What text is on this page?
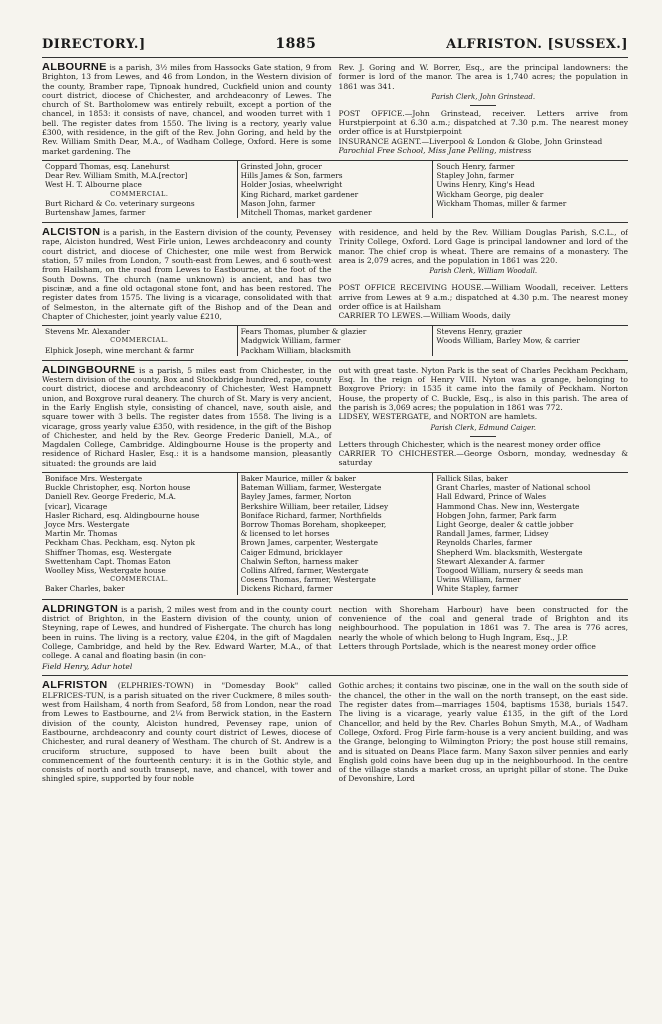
DIRECTORY.]	1885	ALFRISTON. [SUSSEX.]
ALBOURNE is a parish, 3½ miles from Hassocks Gate station, 9 from Brighton, 13 from Lewes, and 46 from London, in the Western division of the county, Bramber rape, Tipnoak hundred, Cuckfield union and county court district, diocese of Chichester, and archdeaconry of Lewes. The church of St. Bartholomew was entirely rebuilt, except a portion of the chancel, in 1853: it consists of nave, chancel, and wooden turret with 1 bell. The register dates from 1550. The living is a rectory, yearly value £300, with residence, in the gift of the Rev. John Goring, and held by the Rev. William Smith Dear, M.A., of Wadham College, Oxford. Here is some market gardening. The
Rev. J. Goring and W. Borrer, Esq., are the principal landowners: the former is lord of the manor. The area is 1,740 acres; the population in 1861 was 341.
Parish Clerk, John Grinstead.
POST OFFICE.—John Grinstead, receiver. Letters arrive from Hurstpierpoint at 6.30 a.m.; dispatched at 7.30 p.m. The nearest money order office is at Hurstpierpoint
INSURANCE AGENT.—Liverpool & London & Globe, John Grinstead
Parochial Free School, Miss Jane Pelling, mistress
Coppard Thomas, esq. Lanehurst
Dear Rev. William Smith, M.A.[rector]
West H. T. Albourne place
COMMERCIAL.
Burt Richard & Co. veterinary surgeons
Burtenshaw James, farmer
Grinsted John, grocer
Hills James & Son, farmers
Holder Josias, wheelwright
King Richard, market gardener
Mason John, farmer
Mitchell Thomas, market gardener
Souch Henry, farmer
Stapley John, farmer
Uwins Henry, King's Head
Wickham George, pig dealer
Wickham Thomas, miller & farmer
ALCISTON is a parish, in the Eastern division of the county, Pevensey rape, Alciston hundred, West Firle union, Lewes archdeaconry and county court district, and diocese of Chichester, one mile west from Berwick station, 57 miles from London, 7 south-east from Lewes, and 6 south-west from Hailsham, on the road from Lewes to Eastbourne, at the foot of the South Downs. The church (name unknown) is ancient, and has two piscinæ, and a fine old octagonal stone font, and has been restored. The register dates from 1575. The living is a vicarage, consolidated with that of Selmeston, in the alternate gift of the Bishop and of the Dean and Chapter of Chichester, joint yearly value £210,
with residence, and held by the Rev. William Douglas Parish, S.C.L., of Trinity College, Oxford. Lord Gage is principal landowner and lord of the manor. The chief crop is wheat. There are remains of a monastery. The area is 2,079 acres, and the population in 1861 was 220.
Parish Clerk, William Woodall.
POST OFFICE RECEIVING HOUSE.—William Woodall, receiver. Letters arrive from Lewes at 9 a.m.; dispatched at 4.30 p.m. The nearest money order office is at Hailsham
CARRIER TO LEWES.—William Woods, daily
Stevens Mr. Alexander
COMMERCIAL.
Elphick Joseph, wine merchant & farmr
Fears Thomas, plumber & glazier
Madgwick William, farmer
Packham William, blacksmith
Stevens Henry, grazier
Woods William, Barley Mow, & carrier
ALDINGBOURNE is a parish, 5 miles east from Chichester, in the Western division of the county, Box and Stockbridge hundred, rape, county court district, diocese and archdeaconry of Chichester, West Hampnett union, and Boxgrove rural deanery. The church of St. Mary is very ancient, in the Early English style, consisting of chancel, nave, south aisle, and square tower with 3 bells. The register dates from 1558. The living is a vicarage, gross yearly value £350, with residence, in the gift of the Bishop of Chichester, and held by the Rev. George Frederic Daniell, M.A., of Magdalen College, Cambridge. Aldingbourne House is the property and residence of Richard Hasler, Esq.: it is a handsome mansion, pleasantly situated: the grounds are laid
out with great taste. Nyton Park is the seat of Charles Peckham Peckham, Esq. In the reign of Henry VIII. Nyton was a grange, belonging to Boxgrove Priory: in 1535 it came into the family of Peckham. Norton House, the property of C. Buckle, Esq., is also in this parish. The area of the parish is 3,069 acres; the population in 1861 was 772.
LIDSEY, WESTERGATE, and NORTON are hamlets.
Parish Clerk, Edmund Caiger.
Letters through Chichester, which is the nearest money order office
CARRIER TO CHICHESTER.—George Osborn, monday, wednesday & saturday
Boniface Mrs. Westergate
Buckle Christopher, esq. Norton house
Daniell Rev. George Frederic, M.A.
[vicar], Vicarage
Hasler Richard, esq. Aldingbourne house
Joyce Mrs. Westergate
Martin Mr. Thomas
Peckham Chas. Peckham, esq. Nyton pk
Shiffner Thomas, esq. Westergate
Swettenham Capt. Thomas Eaton
Woolley Miss, Westergate house
COMMERCIAL.
Baker Charles, baker
Baker Maurice, miller & baker
Bateman William, farmer, Westergate
Bayley James, farmer, Norton
Berkshire William, beer retailer, Lidsey
Boniface Richard, farmer, Northfields
Borrow Thomas Boreham, shopkeeper,
& licensed to let horses
Brown James, carpenter, Westergate
Caiger Edmund, bricklayer
Chalwin Sefton, harness maker
Collins Alfred, farmer, Westergate
Cosens Thomas, farmer, Westergate
Dickens Richard, farmer
Fallick Silas, baker
Grant Charles, master of National school
Hall Edward, Prince of Wales
Hammond Chas. New inn, Westergate
Hobgen John, farmer, Park farm
Light George, dealer & cattle jobber
Randall James, farmer, Lidsey
Reynolds Charles, farmer
Shepherd Wm. blacksmith, Westergate
Stewart Alexander A. farmer
Toogood William, nursery & seeds man
Uwins William, farmer
White Stapley, farmer
ALDRINGTON is a parish, 2 miles west from and in the county court district of Brighton, in the Eastern division of the county, union of Steyning, rape of Lewes, and hundred of Fishergate. The church has long been in ruins. The living is a rectory, value £204, in the gift of Magdalen College, Cambridge, and held by the Rev. Edward Warter, M.A., of that college. A canal and floating basin (in con-
nection with Shoreham Harbour) have been constructed for the convenience of the coal and general trade of Brighton and its neighbourhood. The population in 1861 was 7. The area is 776 acres, nearly the whole of which belong to Hugh Ingram, Esq., J.P.
Letters through Portslade, which is the nearest money order office
Field Henry, Adur hotel
ALFRISTON (ELPHRIES-TOWN) in "Domesday Book" called ELFRICES-TUN, is a parish situated on the river Cuckmere, 8 miles south-west from Hailsham, 4 north from Seaford, 58 from London, near the road from Lewes to Eastbourne, and 2¼ from Berwick station, in the Eastern division of the county, Alciston hundred, Pevensey rape, union of Eastbourne, archdeaconry and county court district of Lewes, diocese of Chichester, and rural deanery of Westham. The church of St. Andrew is a cruciform structure, supposed to have been built about the commencement of the fourteenth century: it is in the Gothic style, and consists of north and south transept, nave, and chancel, with tower and shingled spire, supported by four noble
Gothic arches; it contains two piscinæ, one in the wall on the south side of the chancel, the other in the wall on the north transept, on the east side. The register dates from—marriages 1504, baptisms 1538, burials 1547. The living is a vicarage, yearly value £135, in the gift of the Lord Chancellor, and held by the Rev. Charles Bohun Smyth, M.A., of Wadham College, Oxford. Frog Firle farm-house is a very ancient building, and was the Grange, belonging to Wilmington Priory; the post house still remains, and is situated on Deans Place farm. Many Saxon silver pennies and early English gold coins have been dug up in the neighbourhood. In the centre of the village stands a market cross, an upright pillar of stone. The Duke of Devonshire, Lord
